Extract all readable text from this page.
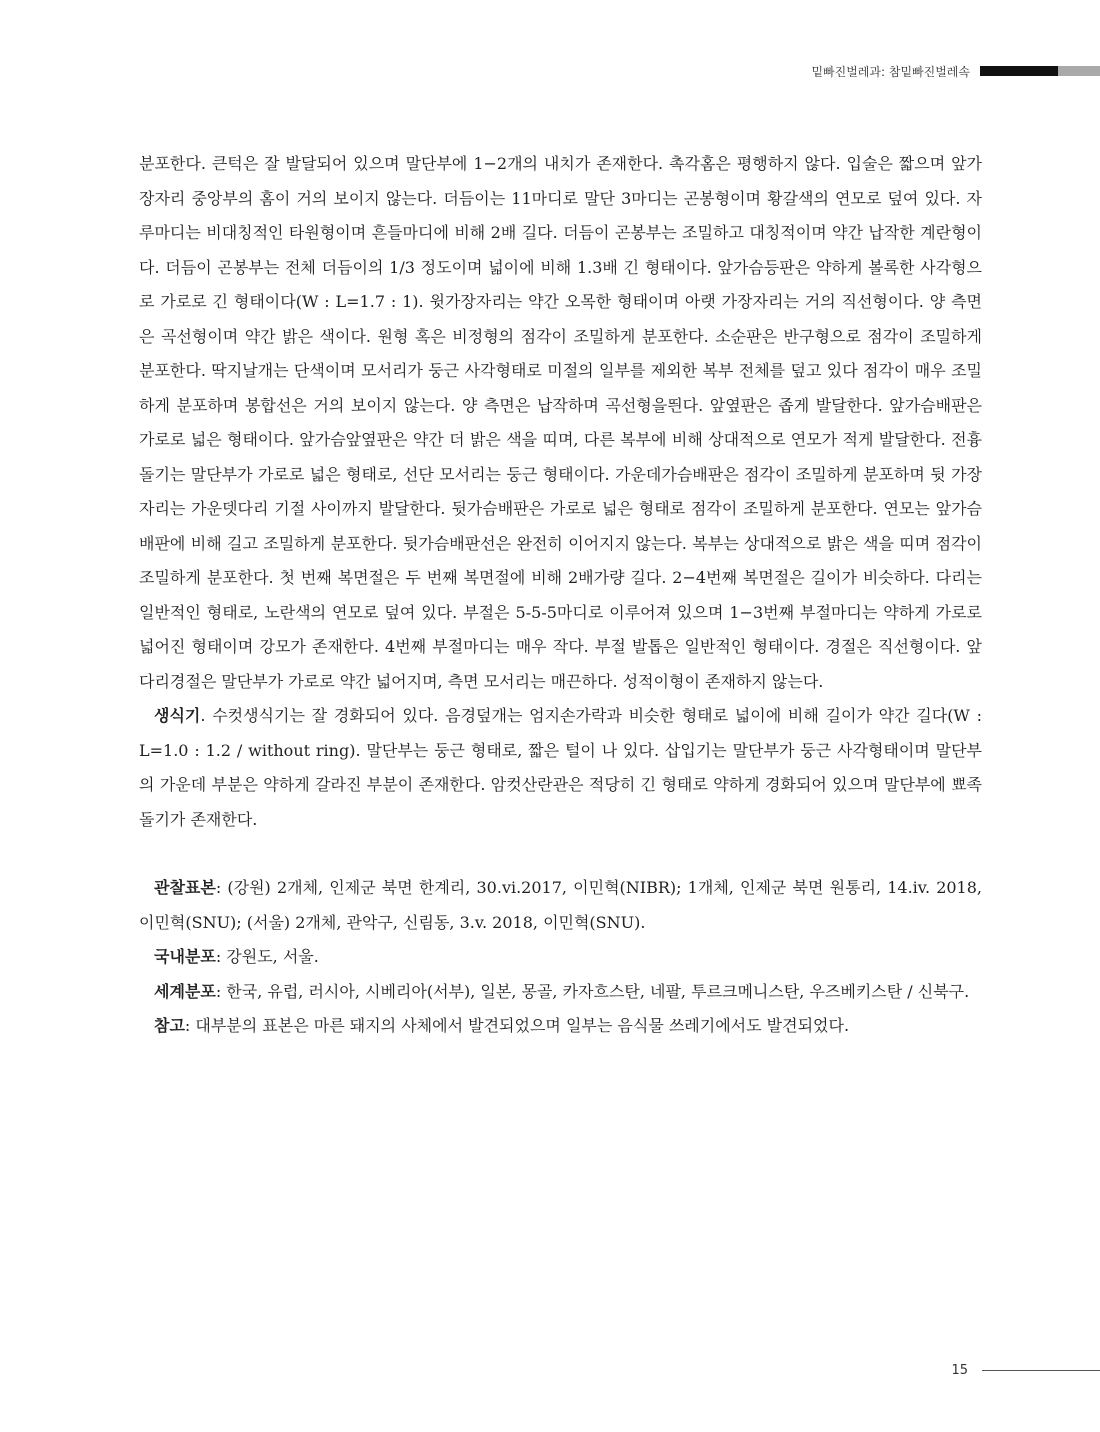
밑빠진벌레과: 참밑빠진벌레속

분포한다. 큰턱은 잘 발달되어 있으며 말단부에 1−2개의 내치가 존재한다. 촉각홈은 평행하지 않다. 입술은 짧으며 앞가장자리 중앙부의 홈이 거의 보이지 않는다. 더듬이는 11마디로 말단 3마디는 곤봉형이며 황갈색의 연모로 덮여 있다. 자루마디는 비대칭적인 타원형이며 흔들마디에 비해 2배 길다. 더듬이 곤봉부는 조밀하고 대칭적이며 약간 납작한 계란형이다. 더듬이 곤봉부는 전체 더듬이의 1/3 정도이며 넓이에 비해 1.3배 긴 형태이다. 앞가슴등판은 약하게 볼록한 사각형으로 가로로 긴 형태이다(W : L=1.7 : 1). 윗가장자리는 약간 오목한 형태이며 아랫 가장자리는 거의 직선형이다. 양 측면은 곡선형이며 약간 밝은 색이다. 원형 혹은 비정형의 점각이 조밀하게 분포한다. 소순판은 반구형으로 점각이 조밀하게 분포한다. 딱지날개는 단색이며 모서리가 둥근 사각형태로 미절의 일부를 제외한 복부 전체를 덮고 있다 점각이 매우 조밀하게 분포하며 봉합선은 거의 보이지 않는다. 양 측면은 납작하며 곡선형을띈다. 앞옆판은 좁게 발달한다. 앞가슴배판은 가로로 넓은 형태이다. 앞가슴앞옆판은 약간 더 밝은 색을 띠며, 다른 복부에 비해 상대적으로 연모가 적게 발달한다. 전흉돌기는 말단부가 가로로 넓은 형태로, 선단 모서리는 둥근 형태이다. 가운데가슴배판은 점각이 조밀하게 분포하며 뒷 가장자리는 가운뎃다리 기절 사이까지 발달한다. 뒷가슴배판은 가로로 넓은 형태로 점각이 조밀하게 분포한다. 연모는 앞가슴배판에 비해 길고 조밀하게 분포한다. 뒷가슴배판선은 완전히 이어지지 않는다. 복부는 상대적으로 밝은 색을 띠며 점각이 조밀하게 분포한다. 첫 번째 복면절은 두 번째 복면절에 비해 2배가량 길다. 2−4번째 복면절은 길이가 비슷하다. 다리는 일반적인 형태로, 노란색의 연모로 덮여 있다. 부절은 5-5-5마디로 이루어져 있으며 1−3번째 부절마디는 약하게 가로로 넓어진 형태이며 강모가 존재한다. 4번째 부절마디는 매우 작다. 부절 발톱은 일반적인 형태이다. 경절은 직선형이다. 앞다리경절은 말단부가 가로로 약간 넓어지며, 측면 모서리는 매끈하다. 성적이형이 존재하지 않는다.

생식기. 수컷생식기는 잘 경화되어 있다. 음경덮개는 엄지손가락과 비슷한 형태로 넓이에 비해 길이가 약간 길다(W : L=1.0 : 1.2 / without ring). 말단부는 둥근 형태로, 짧은 털이 나 있다. 삽입기는 말단부가 둥근 사각형태이며 말단부의 가운데 부분은 약하게 갈라진 부분이 존재한다. 암컷산란관은 적당히 긴 형태로 약하게 경화되어 있으며 말단부에 뾰족돌기가 존재한다.

관찰표본: (강원) 2개체, 인제군 북면 한계리, 30.vi.2017, 이민혁(NIBR); 1개체, 인제군 북면 원통리, 14.iv. 2018, 이민혁(SNU); (서울) 2개체, 관악구, 신림동, 3.v. 2018, 이민혁(SNU).

국내분포: 강원도, 서울.

세계분포: 한국, 유럽, 러시아, 시베리아(서부), 일본, 몽골, 카자흐스탄, 네팔, 투르크메니스탄, 우즈베키스탄 / 신북구.

참고: 대부분의 표본은 마른 돼지의 사체에서 발견되었으며 일부는 음식물 쓰레기에서도 발견되었다.

15
